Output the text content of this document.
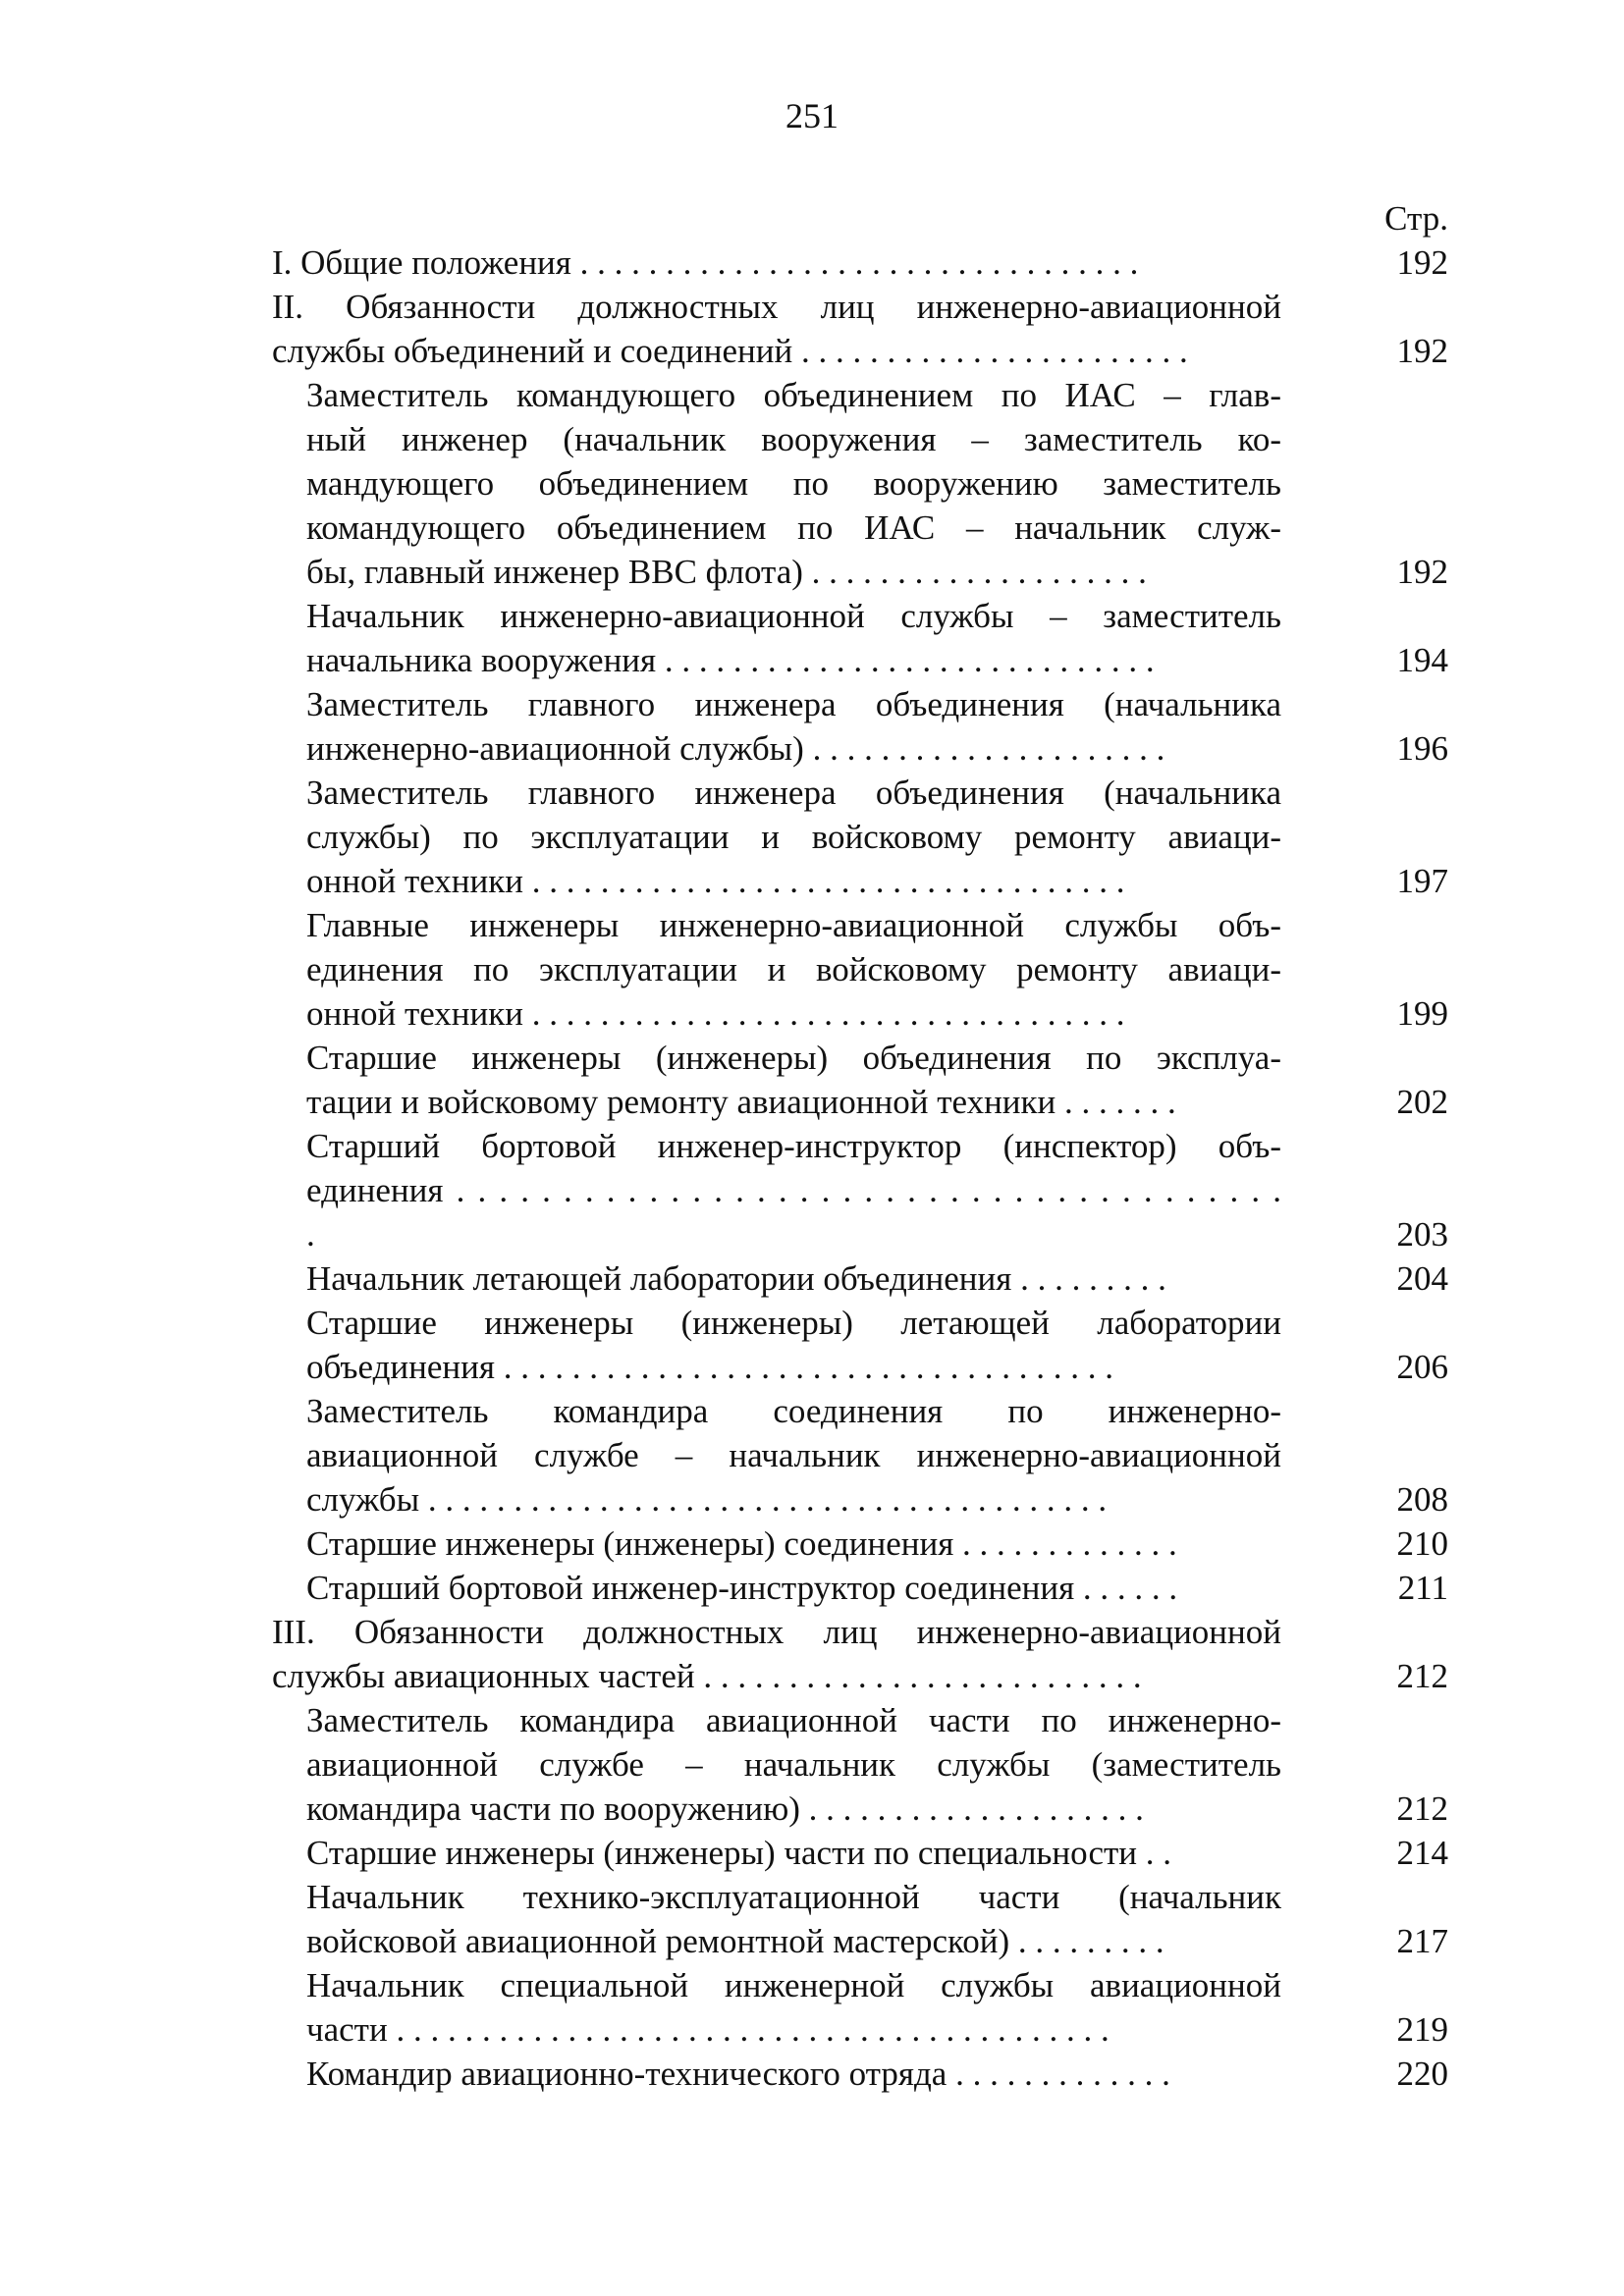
251
Стр.
I. Общие положения . . . . . . . . . . . . . . . . . . . . . . . . . . . . . . . . .	192
II. Обязанности должностных лиц инженерно-авиационной
службы объединений и соединений . . . . . . . . . . . . . . . . . . . . . . .	192
Заместитель командующего объединением по ИАС – глав-
ный инженер (начальник вооружения – заместитель ко-
мандующего объединением по вооружению заместитель
командующего объединением по ИАС – начальник служ-
бы, главный инженер ВВС флота) . . . . . . . . . . . . . . . . . . . .	192
Начальник инженерно-авиационной службы – заместитель
начальника вооружения . . . . . . . . . . . . . . . . . . . . . . . . . . . . .	194
Заместитель главного инженера объединения (начальника
инженерно-авиационной службы) . . . . . . . . . . . . . . . . . . . . .	196
Заместитель главного инженера объединения (начальника
службы) по эксплуатации и войсковому ремонту авиаци-
онной техники . . . . . . . . . . . . . . . . . . . . . . . . . . . . . . . . . . .	197
Главные инженеры инженерно-авиационной службы объ-
единения по эксплуатации и войсковому ремонту авиаци-
онной техники . . . . . . . . . . . . . . . . . . . . . . . . . . . . . . . . . . .	199
Старшие инженеры (инженеры) объединения по эксплуа-
тации и войсковому ремонту авиационной техники . . . . . . .	202
Старший бортовой инженер-инструктор (инспектор) объ-
единения . . . . . . . . . . . . . . . . . . . . . . . . . . . . . . . . . . . . . . .
.	203
Начальник летающей лаборатории объединения . . . . . . . . .	204
Старшие инженеры (инженеры) летающей лаборатории
объединения . . . . . . . . . . . . . . . . . . . . . . . . . . . . . . . . . . . .	206
Заместитель командира соединения по инженерно-
авиационной службе – начальник инженерно-авиационной
службы . . . . . . . . . . . . . . . . . . . . . . . . . . . . . . . . . . . . . . . .	208
Старшие инженеры (инженеры) соединения . . . . . . . . . . . . .	210
Старший бортовой инженер-инструктор соединения . . . . . .	211
III. Обязанности должностных лиц инженерно-авиационной
службы авиационных частей . . . . . . . . . . . . . . . . . . . . . . . . . .	212
Заместитель командира авиационной части по инженерно-
авиационной службе – начальник службы (заместитель
командира части по вооружению) . . . . . . . . . . . . . . . . . . . .	212
Старшие инженеры (инженеры) части по специальности . .	214
Начальник технико-эксплуатационной части (начальник
войсковой авиационной ремонтной мастерской) . . . . . . . . .	217
Начальник специальной инженерной службы авиационной
части . . . . . . . . . . . . . . . . . . . . . . . . . . . . . . . . . . . . . . . . . .	219
Командир авиационно-технического отряда . . . . . . . . . . . . .	220
